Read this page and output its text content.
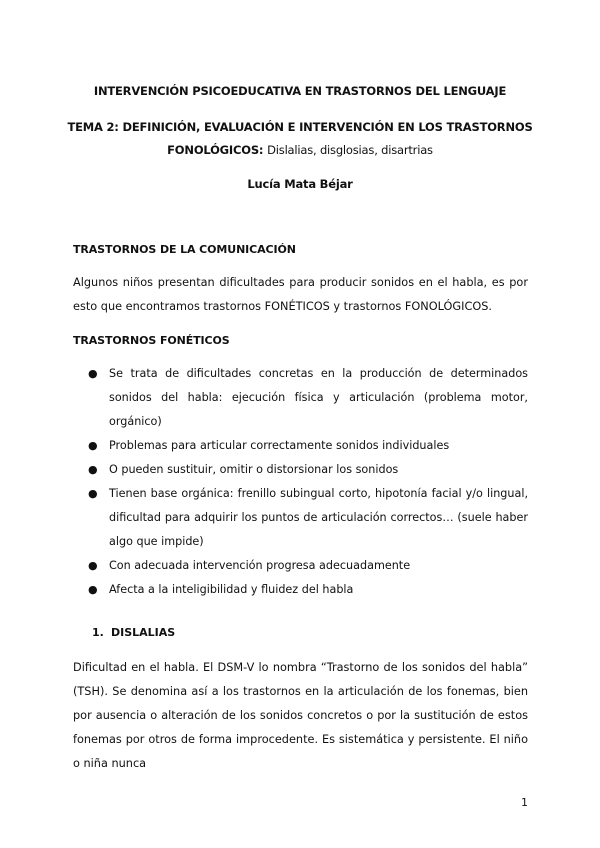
INTERVENCIÓN PSICOEDUCATIVA EN TRASTORNOS DEL LENGUAJE
TEMA 2: DEFINICIÓN, EVALUACIÓN E INTERVENCIÓN EN LOS TRASTORNOS
FONOLÓGICOS: Dislalias, disglosias, disartrias
Lucía Mata Béjar
TRASTORNOS DE LA COMUNICACIÓN
Algunos niños presentan dificultades para producir sonidos en el habla, es por esto que encontramos trastornos FONÉTICOS y trastornos FONOLÓGICOS.
TRASTORNOS FONÉTICOS
● Se trata de dificultades concretas en la producción de determinados sonidos del habla: ejecución física y articulación (problema motor, orgánico)
● Problemas para articular correctamente sonidos individuales
● O pueden sustituir, omitir o distorsionar los sonidos
● Tienen base orgánica: frenillo subingual corto, hipotonía facial y/o lingual, dificultad para adquirir los puntos de articulación correctos… (suele haber algo que impide)
● Con adecuada intervención progresa adecuadamente
● Afecta a la inteligibilidad y fluidez del habla
1. DISLALIAS
Dificultad en el habla. El DSM-V lo nombra “Trastorno de los sonidos del habla” (TSH). Se denomina así a los trastornos en la articulación de los fonemas, bien por ausencia o alteración de los sonidos concretos o por la sustitución de estos fonemas por otros de forma improcedente. Es sistemática y persistente. El niño o niña nunca
1
